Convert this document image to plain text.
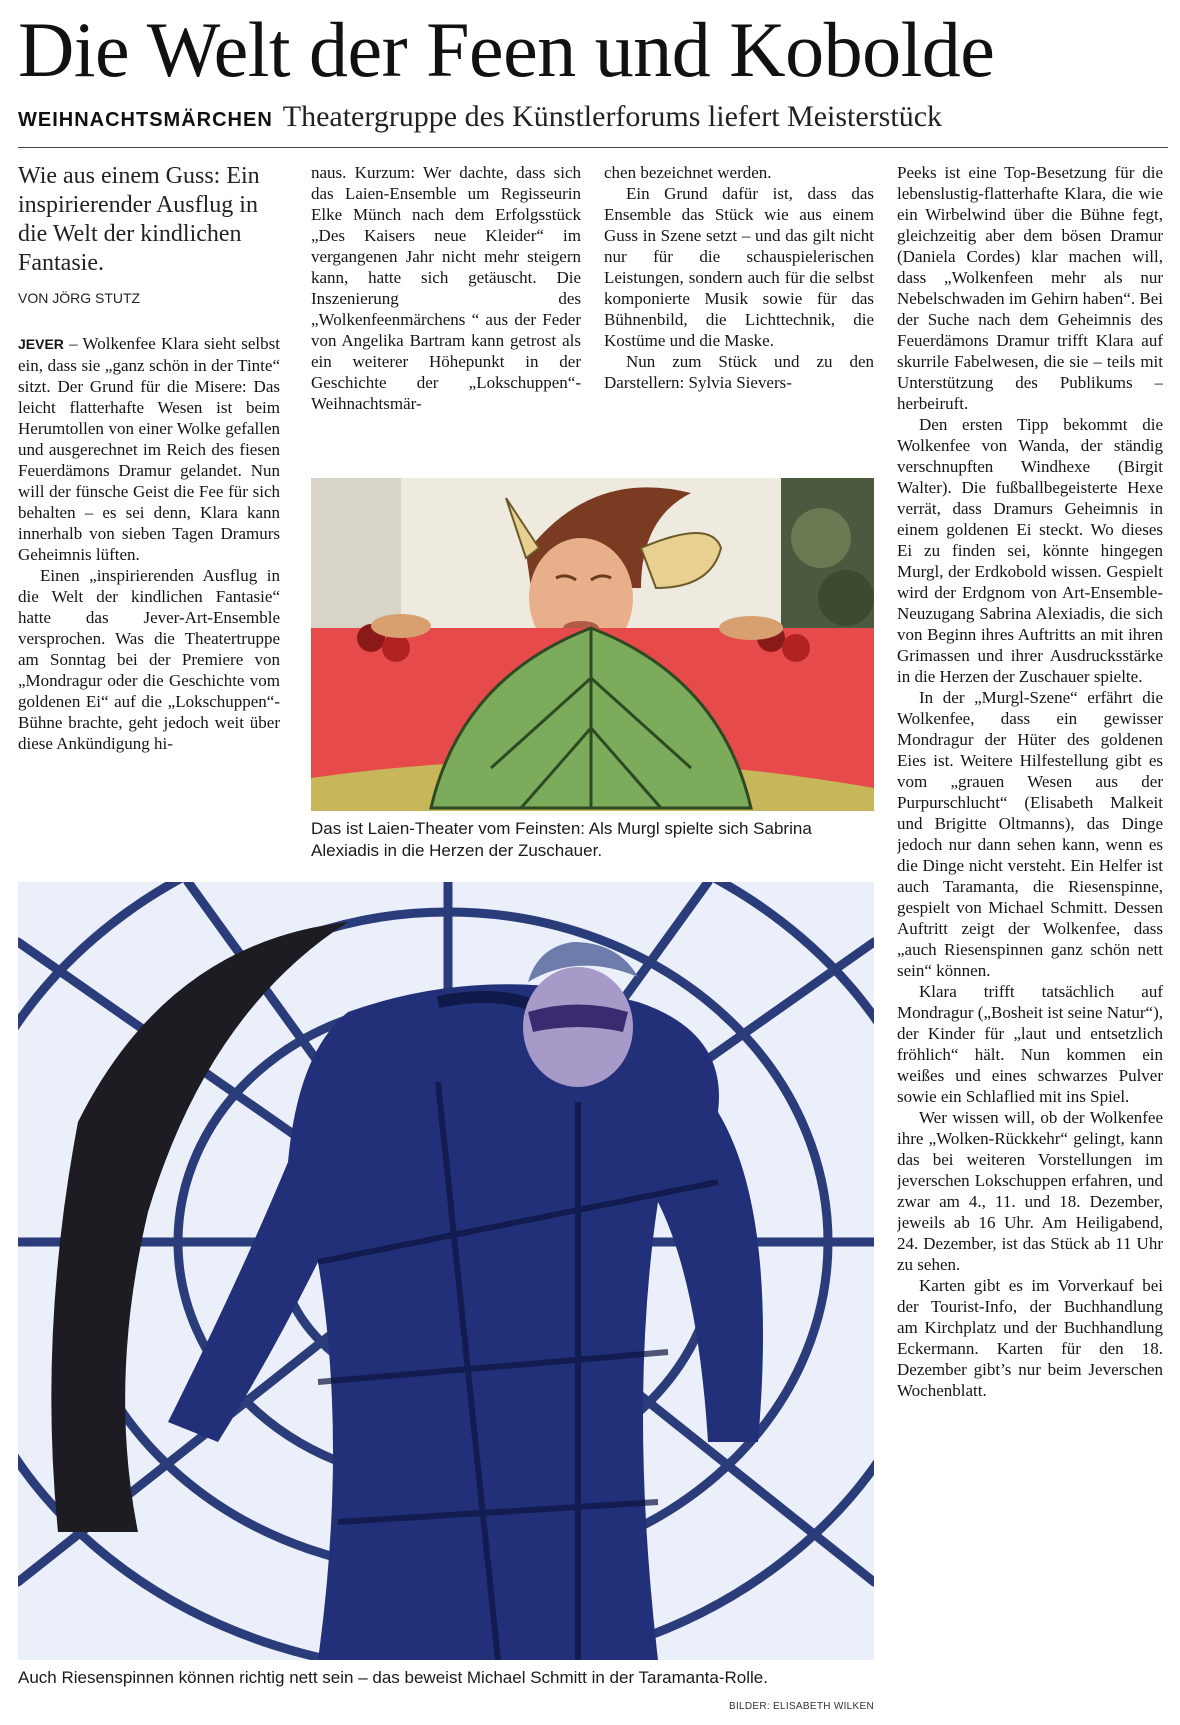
Die Welt der Feen und Kobolde
WEIHNACHTSMÄRCHEN Theatergruppe des Künstlerforums liefert Meisterstück
Wie aus einem Guss: Ein inspirierender Ausflug in die Welt der kindlichen Fantasie.
VON JÖRG STUTZ

JEVER – Wolkenfee Klara sieht selbst ein, dass sie „ganz schön in der Tinte“ sitzt. Der Grund für die Misere: Das leicht flatterhafte Wesen ist beim Herumtollen von einer Wolke gefallen und ausgerechnet im Reich des fiesen Feuerdämons Dramur gelandet. Nun will der fünsche Geist die Fee für sich behalten – es sei denn, Klara kann innerhalb von sieben Tagen Dramurs Geheimnis lüften.

Einen „inspirierenden Ausflug in die Welt der kindlichen Fantasie“ hatte das Jever-Art-Ensemble versprochen. Was die Theatertruppe am Sonntag bei der Premiere von „Mondragur oder die Geschichte vom goldenen Ei“ auf die „Lokschuppen“-Bühne brachte, geht jedoch weit über diese Ankündigung hi-

naus. Kurzum: Wer dachte, dass sich das Laien-Ensemble um Regisseurin Elke Münch nach dem Erfolgsstück „Des Kaisers neue Kleider“ im vergangenen Jahr nicht mehr steigern kann, hatte sich getäuscht. Die Inszenierung des „Wolkenfeenmärchens “ aus der Feder von Angelika Bartram kann getrost als ein weiterer Höhepunkt in der Geschichte der „Lokschuppen“-Weihnachtsmär-

chen bezeichnet werden.

Ein Grund dafür ist, dass das Ensemble das Stück wie aus einem Guss in Szene setzt – und das gilt nicht nur für die schauspielerischen Leistungen, sondern auch für die selbst komponierte Musik sowie für das Bühnenbild, die Lichttechnik, die Kostüme und die Maske.

Nun zum Stück und zu den Darstellern: Sylvia Sievers-

Peeks ist eine Top-Besetzung für die lebenslustig-flatterhafte Klara, die wie ein Wirbelwind über die Bühne fegt, gleichzeitig aber dem bösen Dramur (Daniela Cordes) klar machen will, dass „Wolkenfeen mehr als nur Nebelschwaden im Gehirn haben“. Bei der Suche nach dem Geheimnis des Feuerdämons Dramur trifft Klara auf skurrile Fabelwesen, die sie – teils mit Unterstützung des Publikums – herbeiruft.

Den ersten Tipp bekommt die Wolkenfee von Wanda, der ständig verschnupften Windhexe (Birgit Walter). Die fußballbegeisterte Hexe verrät, dass Dramurs Geheimnis in einem goldenen Ei steckt. Wo dieses Ei zu finden sei, könnte hingegen Murgl, der Erdkobold wissen. Gespielt wird der Erdgnom von Art-Ensemble-Neuzugang Sabrina Alexiadis, die sich von Beginn ihres Auftritts an mit ihren Grimassen und ihrer Ausdrucksstärke in die Herzen der Zuschauer spielte.

In der „Murgl-Szene“ erfährt die Wolkenfee, dass ein gewisser Mondragur der Hüter des goldenen Eies ist. Weitere Hilfestellung gibt es vom „grauen Wesen aus der Purpurschlucht“ (Elisabeth Malkeit und Brigitte Oltmanns), das Dinge jedoch nur dann sehen kann, wenn es die Dinge nicht versteht. Ein Helfer ist auch Taramanta, die Riesenspinne, gespielt von Michael Schmitt. Dessen Auftritt zeigt der Wolkenfee, dass „auch Riesenspinnen ganz schön nett sein“ können.

Klara trifft tatsächlich auf Mondragur („Bosheit ist seine Natur“), der Kinder für „laut und entsetzlich fröhlich“ hält. Nun kommen ein weißes und eines schwarzes Pulver sowie ein Schlaflied mit ins Spiel.

Wer wissen will, ob der Wolkenfee ihre „Wolken-Rückkehr“ gelingt, kann das bei weiteren Vorstellungen im jeverschen Lokschuppen erfahren, und zwar am 4., 11. und 18. Dezember, jeweils ab 16 Uhr. Am Heiligabend, 24. Dezember, ist das Stück ab 11 Uhr zu sehen.

Karten gibt es im Vorverkauf bei der Tourist-Info, der Buchhandlung am Kirchplatz und der Buchhandlung Eckermann. Karten für den 18. Dezember gibt’s nur beim Jeverschen Wochenblatt.

Das ist Laien-Theater vom Feinsten: Als Murgl spielte sich Sabrina Alexiadis in die Herzen der Zuschauer.
Auch Riesenspinnen können richtig nett sein – das beweist Michael Schmitt in der Taramanta-Rolle.
BILDER: ELISABETH WILKEN
